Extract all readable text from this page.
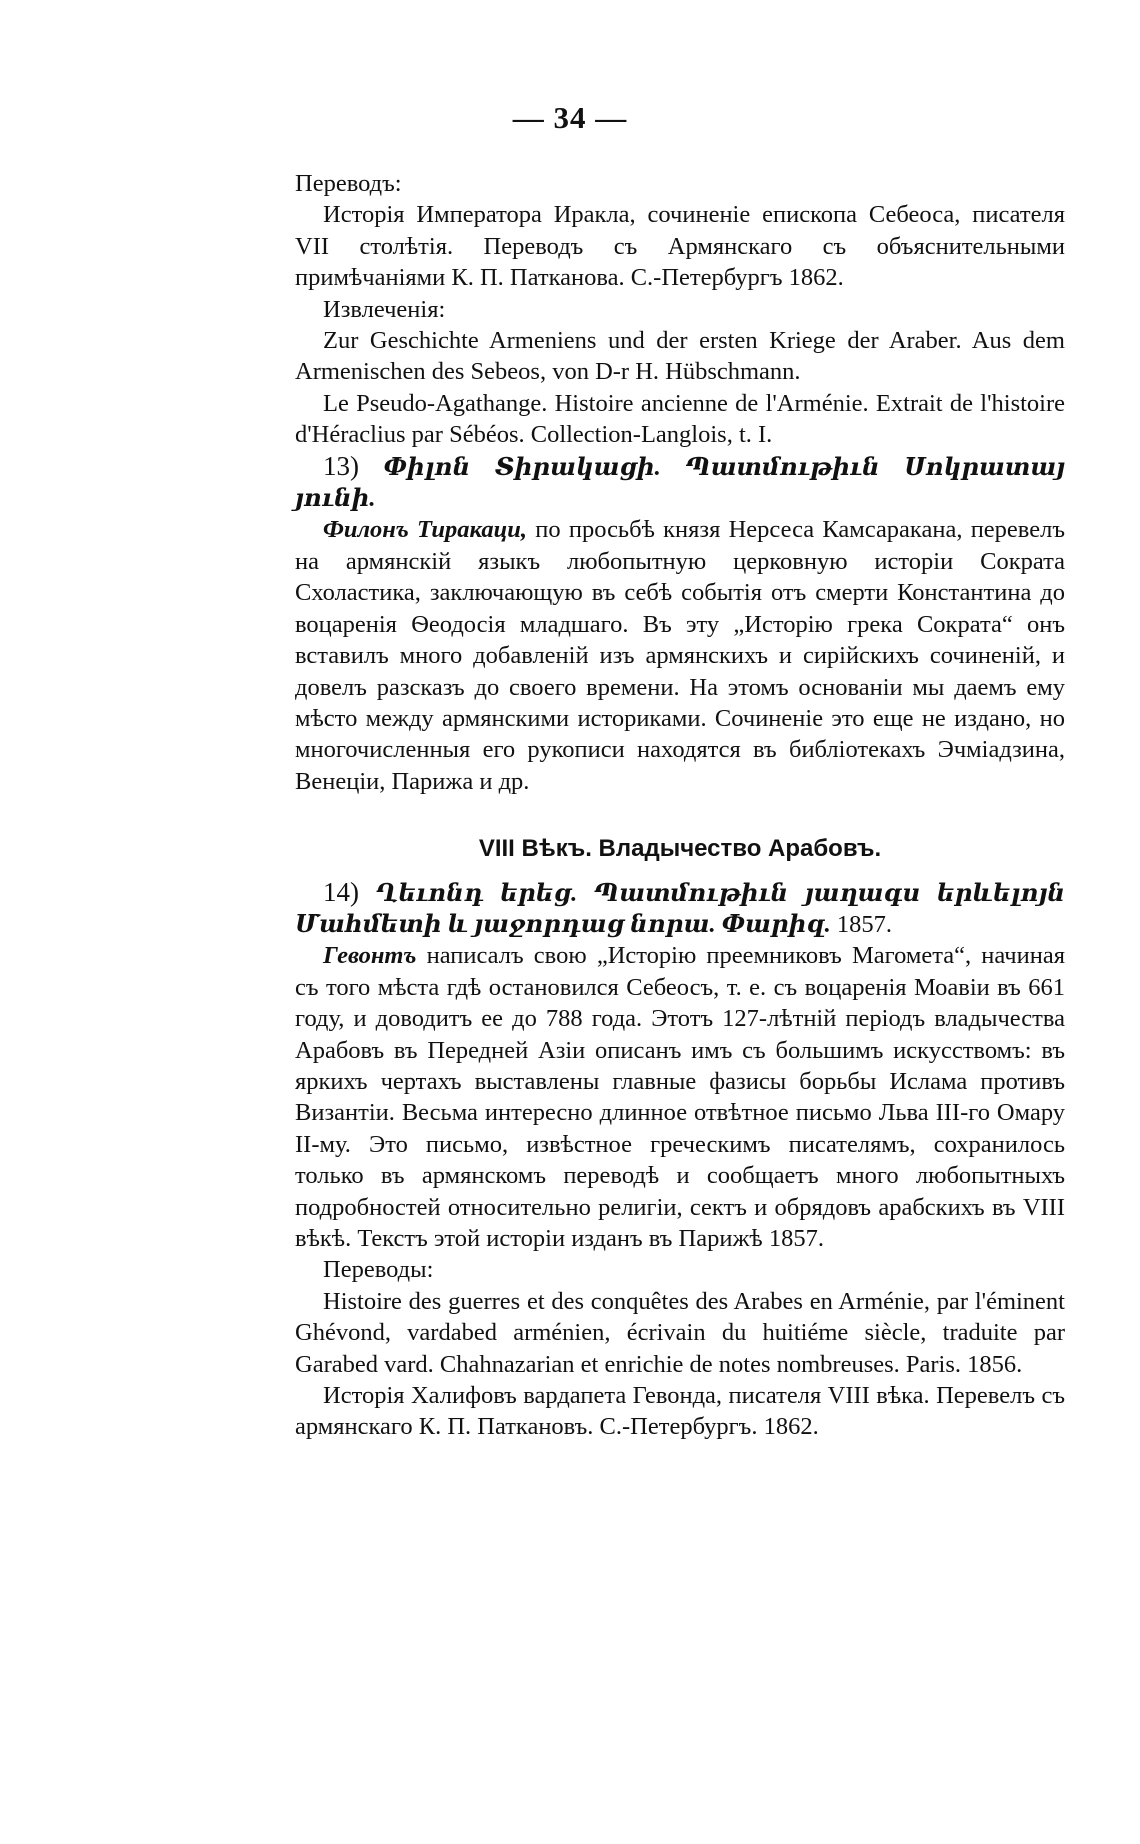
— 34 —

Переводъ:

Исторія Императора Иракла, сочиненіе епископа Себеоса, писателя VII столѣтія. Переводъ съ Армянскаго съ объяснительными примѣчаніями К. П. Патканова. С.-Петербургъ 1862.

Извлеченія:

Zur Geschichte Armeniens und der ersten Kriege der Araber. Aus dem Armenischen des Sebeos, von D-r H. Hübschmann.

Le Pseudo-Agathange. Histoire ancienne de l'Arménie. Extrait de l'histoire d'Héraclius par Sébéos. Collection-Langlois, t. I.

13) Փիլոն Տիրակացի. Պատմութիւն Սոկրատայ յունի.

Филонъ Тиракаци, по просьбѣ князя Нерсеса Камсаракана, перевелъ на армянскій языкъ любопытную церковную исторіи Сократа Схоластика, заключающую въ себѣ событія отъ смерти Константина до воцаренія Ѳеодосія младшаго. Въ эту „Исторію грека Сократа“ онъ вставилъ много добавленій изъ армянскихъ и сирійскихъ сочиненій, и довелъ разсказъ до своего времени. На этомъ основаніи мы даемъ ему мѣсто между армянскими историками. Сочиненіе это еще не издано, но многочисленныя его рукописи находятся въ библіотекахъ Эчміадзина, Венеціи, Парижа и др.

VIII Вѣкъ. Владычество Арабовъ.

14) Ղեւոնդ երեց. Պատմութիւն յաղագս երևելոյն Մահմետի և յաջորդաց նորա. Փարիզ. 1857.

Гевонтъ написалъ свою „Исторію преемниковъ Магомета“, начиная съ того мѣста гдѣ остановился Себеосъ, т. е. съ воцаренія Моавіи въ 661 году, и доводитъ ее до 788 года. Этотъ 127-лѣтній періодъ владычества Арабовъ въ Передней Азіи описанъ имъ съ большимъ искусствомъ: въ яркихъ чертахъ выставлены главные фазисы борьбы Ислама противъ Византіи. Весьма интересно длинное отвѣтное письмо Льва III-го Омару II-му. Это письмо, извѣстное греческимъ писателямъ, сохранилось только въ армянскомъ переводѣ и сообщаетъ много любопытныхъ подробностей относительно религіи, сектъ и обрядовъ арабскихъ въ VIII вѣкѣ. Текстъ этой исторіи изданъ въ Парижѣ 1857.

Переводы:

Histoire des guerres et des conquêtes des Arabes en Arménie, par l'éminent Ghévond, vardabed arménien, écrivain du huitiéme siècle, traduite par Garabed vard. Chahnazarian et enrichie de notes nombreuses. Paris. 1856.

Исторія Халифовъ вардапета Гевонда, писателя VIII вѣка. Перевелъ съ армянскаго К. П. Паткановъ. С.-Петербургъ. 1862.
